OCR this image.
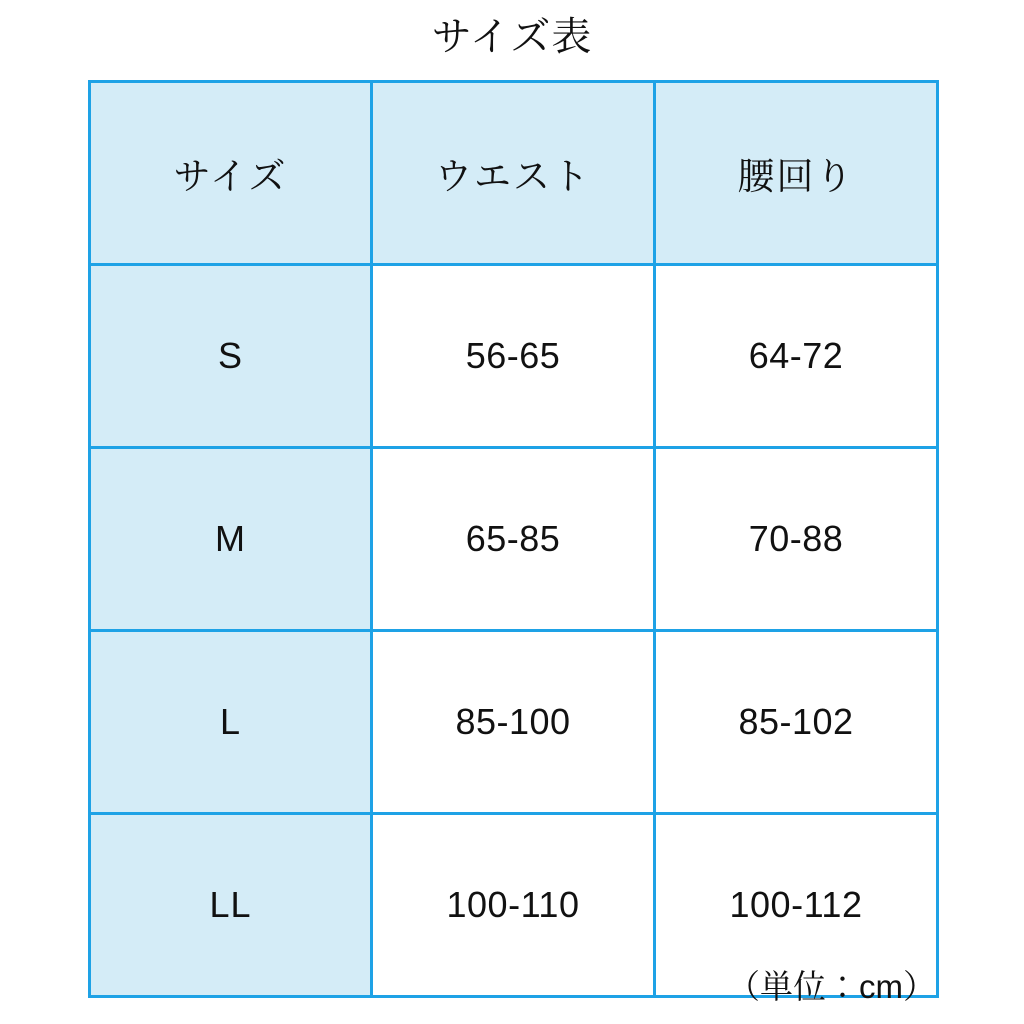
サイズ表
サイズ	ウエスト	腰回り
S	56-65	64-72
M	65-85	70-88
L	85-100	85-102
LL	100-110	100-112
（単位：cm）
